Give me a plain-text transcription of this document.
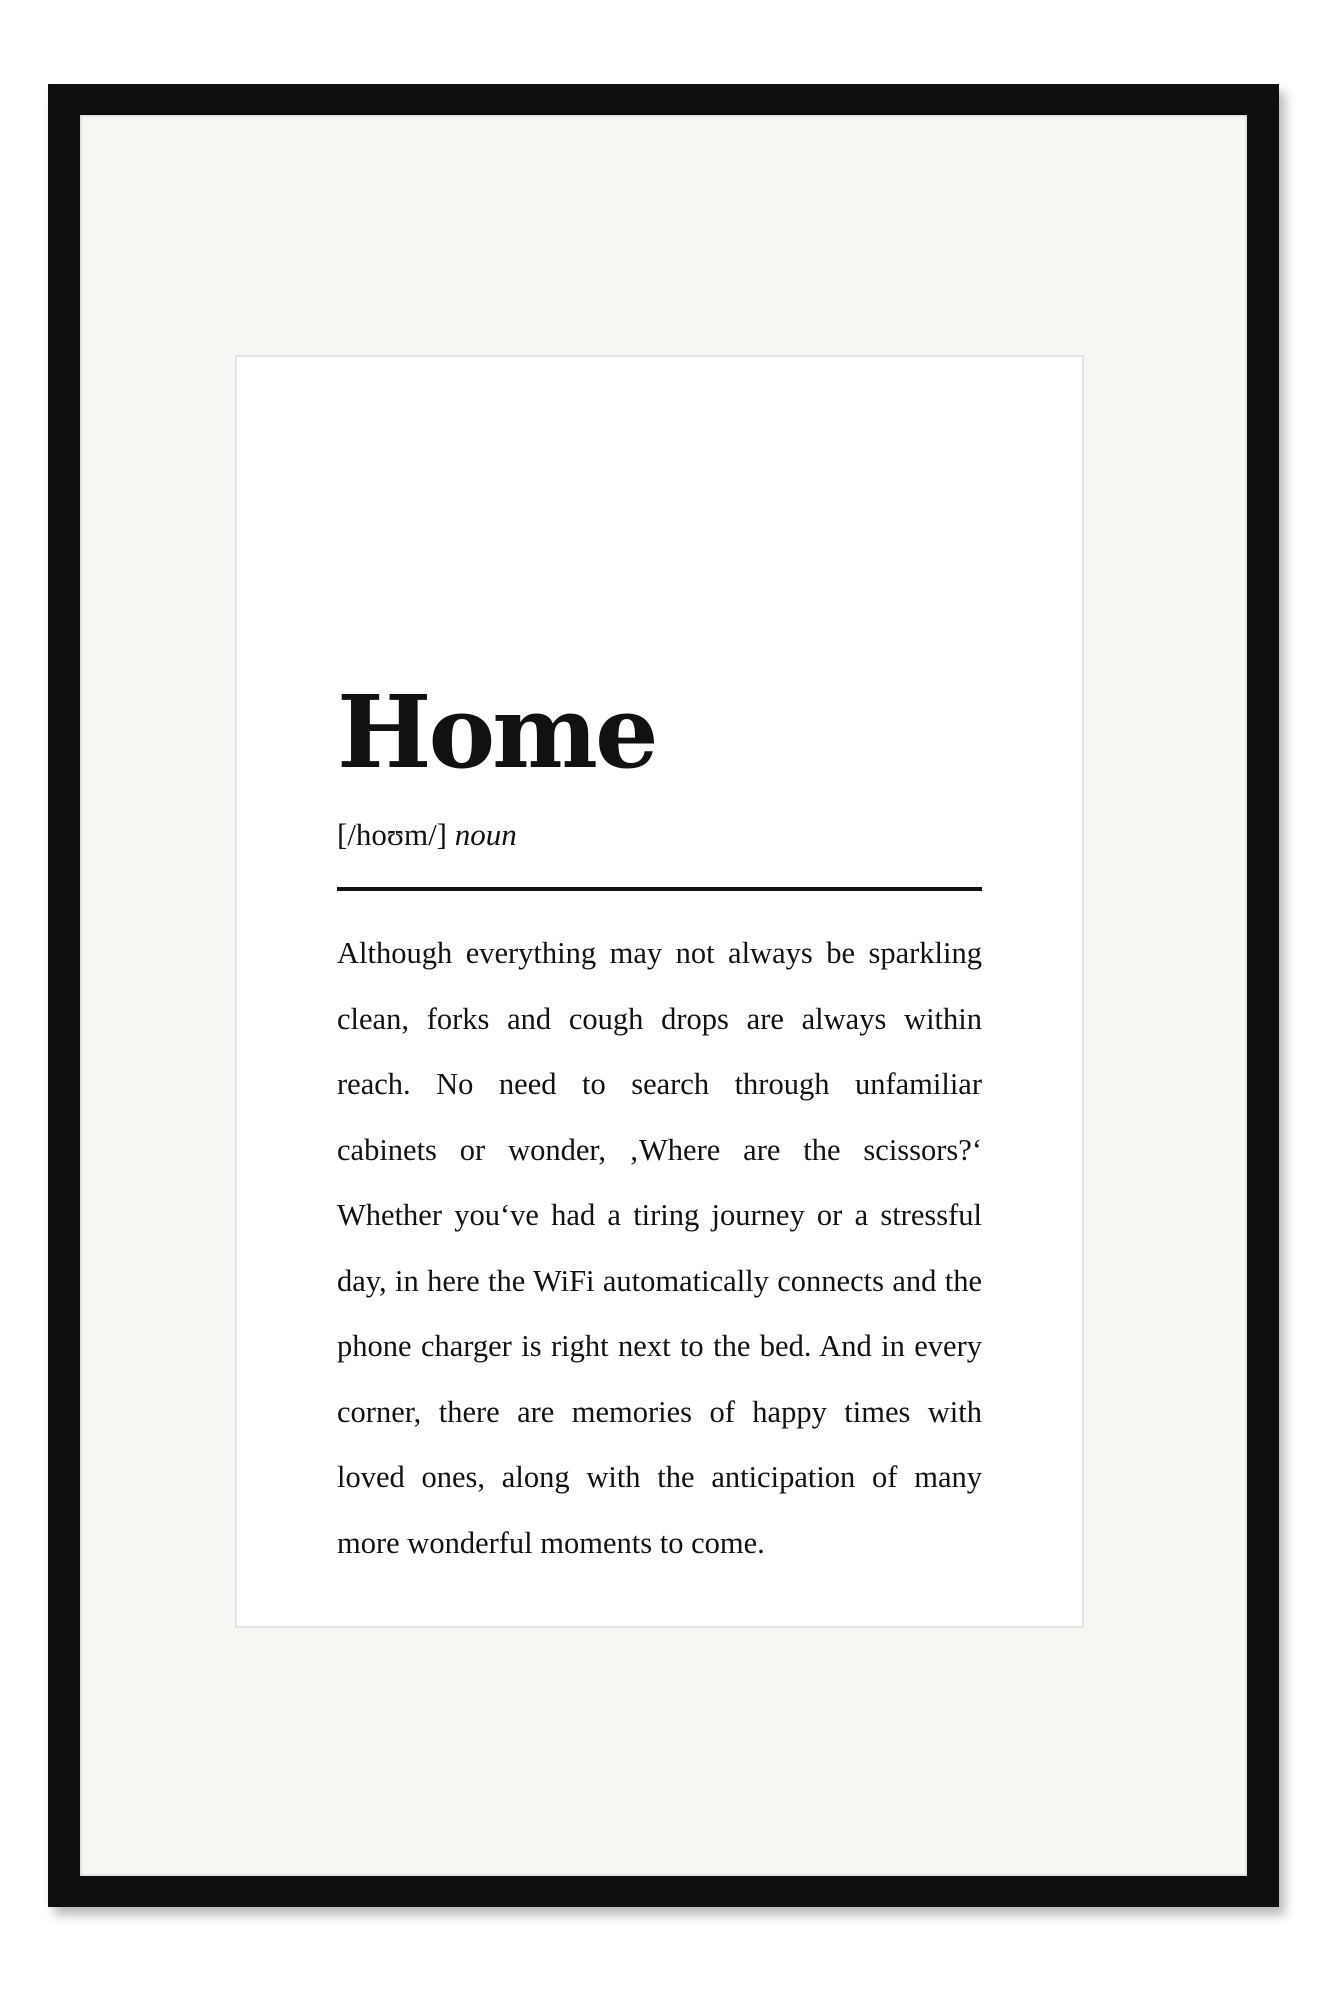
Home
[/hoʊm/] noun

Although everything may not always be sparkling clean, forks and cough drops are always within reach. No need to search through unfamiliar cabinets or wonder, ‚Where are the scissors?‘ Whether you‘ve had a tiring journey or a stressful day, in here the WiFi automatically connects and the phone charger is right next to the bed. And in every corner, there are memories of happy times with loved ones, along with the anticipation of many more wonderful moments to come.
